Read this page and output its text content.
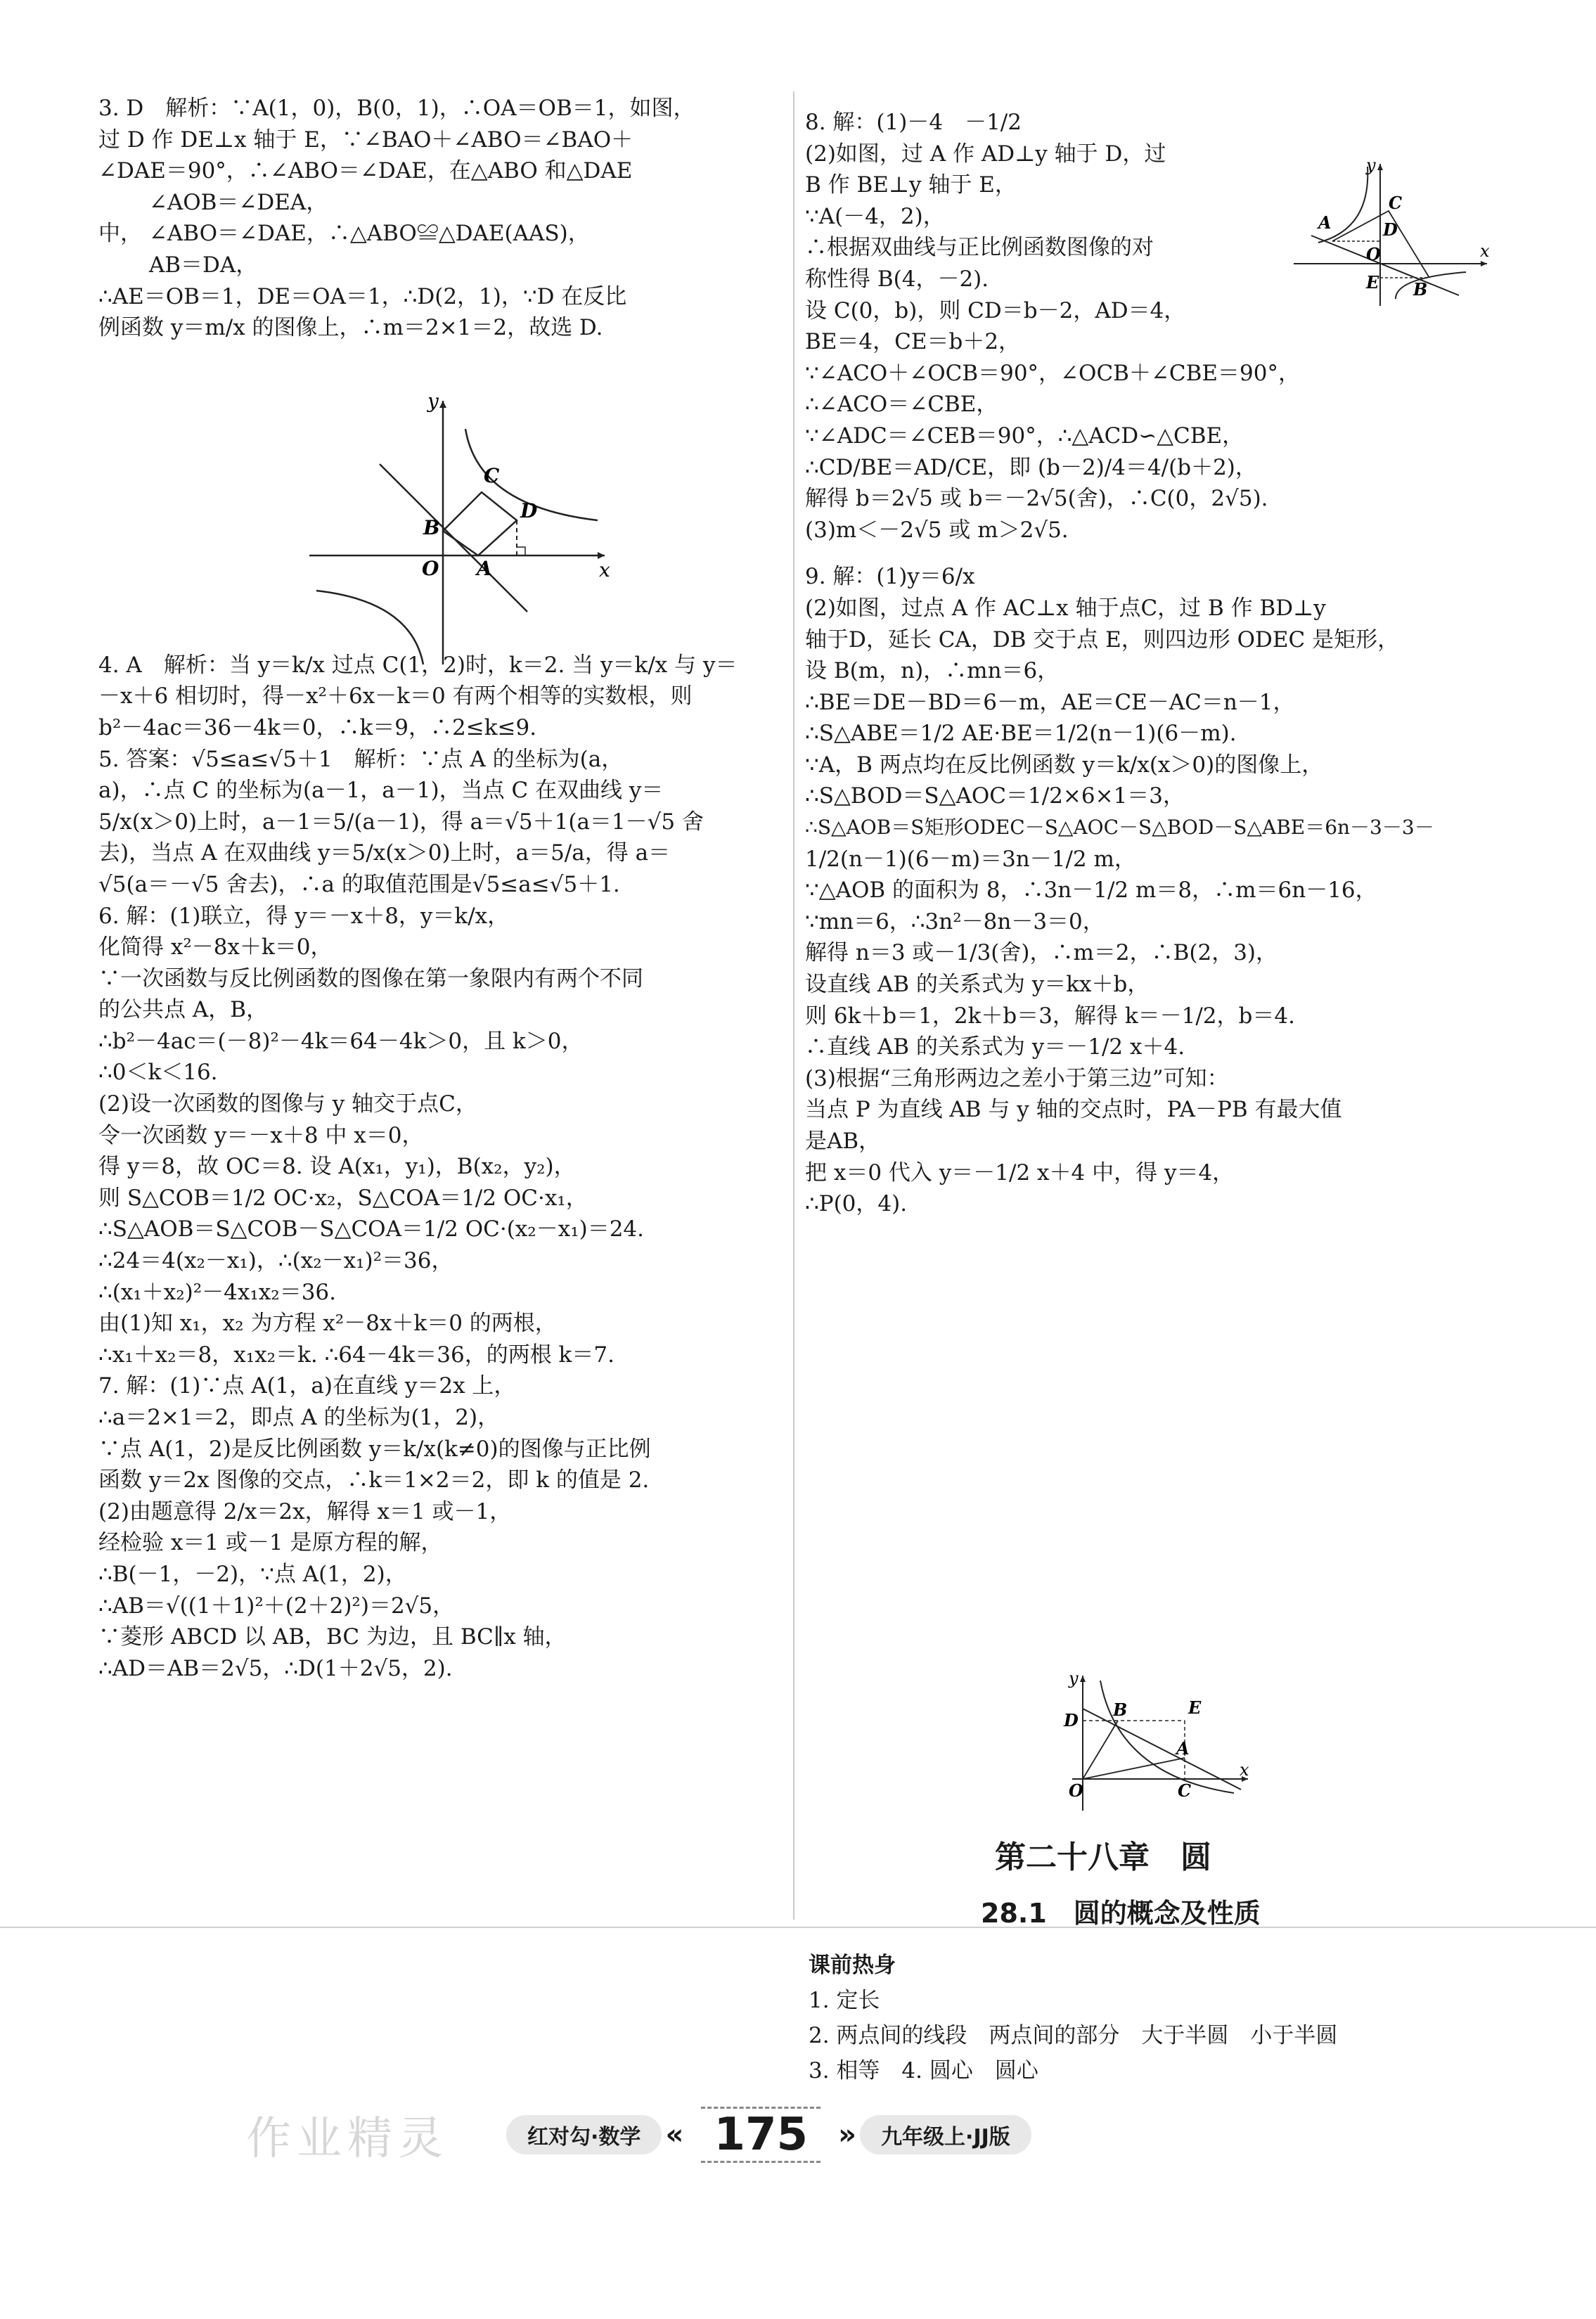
3. D　解析：∵A(1，0)，B(0，1)，∴OA＝OB＝1，如图，
过 D 作 DE⊥x 轴于 E，∵∠BAO＋∠ABO＝∠BAO＋
∠DAE＝90°，∴∠ABO＝∠DAE，在△ABO 和△DAE
　　 ∠AOB＝∠DEA，
中， ∠ABO＝∠DAE，∴△ABO≌△DAE(AAS)，
　　 AB＝DA，
∴AE＝OB＝1，DE＝OA＝1，∴D(2，1)，∵D 在反比
例函数 y＝m/x 的图像上，∴m＝2×1＝2，故选 D.
4. A　解析：当 y＝k/x 过点 C(1，2)时，k＝2. 当 y＝k/x 与 y＝
－x＋6 相切时，得－x²＋6x－k＝0 有两个相等的实数根，则
b²－4ac＝36－4k＝0，∴k＝9，∴2≤k≤9.
5. 答案：√5≤a≤√5＋1　解析：∵点 A 的坐标为(a，
a)，∴点 C 的坐标为(a－1，a－1)，当点 C 在双曲线 y＝
5/x(x＞0)上时，a－1＝5/(a－1)，得 a＝√5＋1(a＝1－√5 舍
去)，当点 A 在双曲线 y＝5/x(x＞0)上时，a＝5/a，得 a＝
√5(a＝－√5 舍去)，∴a 的取值范围是√5≤a≤√5＋1.
6. 解：(1)联立，得 y＝－x＋8，y＝k/x，
化简得 x²－8x＋k＝0，
∵一次函数与反比例函数的图像在第一象限内有两个不同
的公共点 A，B，
∴b²－4ac＝(－8)²－4k＝64－4k＞0，且 k＞0，
∴0＜k＜16.
(2)设一次函数的图像与 y 轴交于点C，
令一次函数 y＝－x＋8 中 x＝0，
得 y＝8，故 OC＝8. 设 A(x₁，y₁)，B(x₂，y₂)，
则 S△COB＝1/2 OC·x₂，S△COA＝1/2 OC·x₁，
∴S△AOB＝S△COB－S△COA＝1/2 OC·(x₂－x₁)＝24.
∴24＝4(x₂－x₁)，∴(x₂－x₁)²＝36，
∴(x₁＋x₂)²－4x₁x₂＝36.
由(1)知 x₁，x₂ 为方程 x²－8x＋k＝0 的两根，
∴x₁＋x₂＝8，x₁x₂＝k. ∴64－4k＝36，的两根 k＝7.
7. 解：(1)∵点 A(1，a)在直线 y＝2x 上，
∴a＝2×1＝2，即点 A 的坐标为(1，2)，
∵点 A(1，2)是反比例函数 y＝k/x(k≠0)的图像与正比例
函数 y＝2x 图像的交点，∴k＝1×2＝2，即 k 的值是 2.
(2)由题意得 2/x＝2x，解得 x＝1 或－1，
经检验 x＝1 或－1 是原方程的解，
∴B(－1，－2)，∵点 A(1，2)，
∴AB＝√((1＋1)²＋(2＋2)²)＝2√5，
∵菱形 ABCD 以 AB，BC 为边，且 BC∥x 轴，
∴AD＝AB＝2√5，∴D(1＋2√5，2).
y
x
O A
B
C
D
8. 解：(1)－4　－1/2
(2)如图，过 A 作 AD⊥y 轴于 D，过
B 作 BE⊥y 轴于 E，
∵A(－4，2)，
∴根据双曲线与正比例函数图像的对
称性得 B(4，－2).
设 C(0，b)，则 CD＝b－2，AD＝4，
BE＝4，CE＝b＋2，
∵∠ACO＋∠OCB＝90°，∠OCB＋∠CBE＝90°，
∴∠ACO＝∠CBE，
∵∠ADC＝∠CEB＝90°，∴△ACD∽△CBE，
∴CD/BE＝AD/CE，即 (b－2)/4＝4/(b＋2)，
解得 b＝2√5 或 b＝－2√5(舍)，∴C(0，2√5).
(3)m＜－2√5 或 m＞2√5.
9. 解：(1)y＝6/x
(2)如图，过点 A 作 AC⊥x 轴于点C，过 B 作 BD⊥y
轴于D，延长 CA，DB 交于点 E，则四边形 ODEC 是矩形，
设 B(m，n)，∴mn＝6，
∴BE＝DE－BD＝6－m，AE＝CE－AC＝n－1，
∴S△ABE＝1/2 AE·BE＝1/2(n－1)(6－m).
∵A，B 两点均在反比例函数 y＝k/x(x＞0)的图像上，
∴S△BOD＝S△AOC＝1/2×6×1＝3，
∴S△AOB＝S矩形ODEC－S△AOC－S△BOD－S△ABE＝6n－3－3－
1/2(n－1)(6－m)＝3n－1/2 m，
∵△AOB 的面积为 8，∴3n－1/2 m＝8，∴m＝6n－16，
∵mn＝6，∴3n²－8n－3＝0，
解得 n＝3 或－1/3(舍)，∴m＝2，∴B(2，3)，
设直线 AB 的关系式为 y＝kx＋b，
则 6k＋b＝1，2k＋b＝3，解得 k＝－1/2，b＝4.
∴直线 AB 的关系式为 y＝－1/2 x＋4.
(3)根据“三角形两边之差小于第三边”可知：
当点 P 为直线 AB 与 y 轴的交点时，PA－PB 有最大值
是AB，
把 x＝0 代入 y＝－1/2 x＋4 中，得 y＝4，
∴P(0，4).
y
x
O
A
B
C
D
E
y
x
O
A
B
C
D
E
第二十八章　圆
28.1　圆的概念及性质
课前热身
1. 定长
2. 两点间的线段　两点间的部分　大于半圆　小于半圆
3. 相等　4. 圆心　圆心
作业精灵	红对勾·数学 « 175 » 九年级上·JJ版
